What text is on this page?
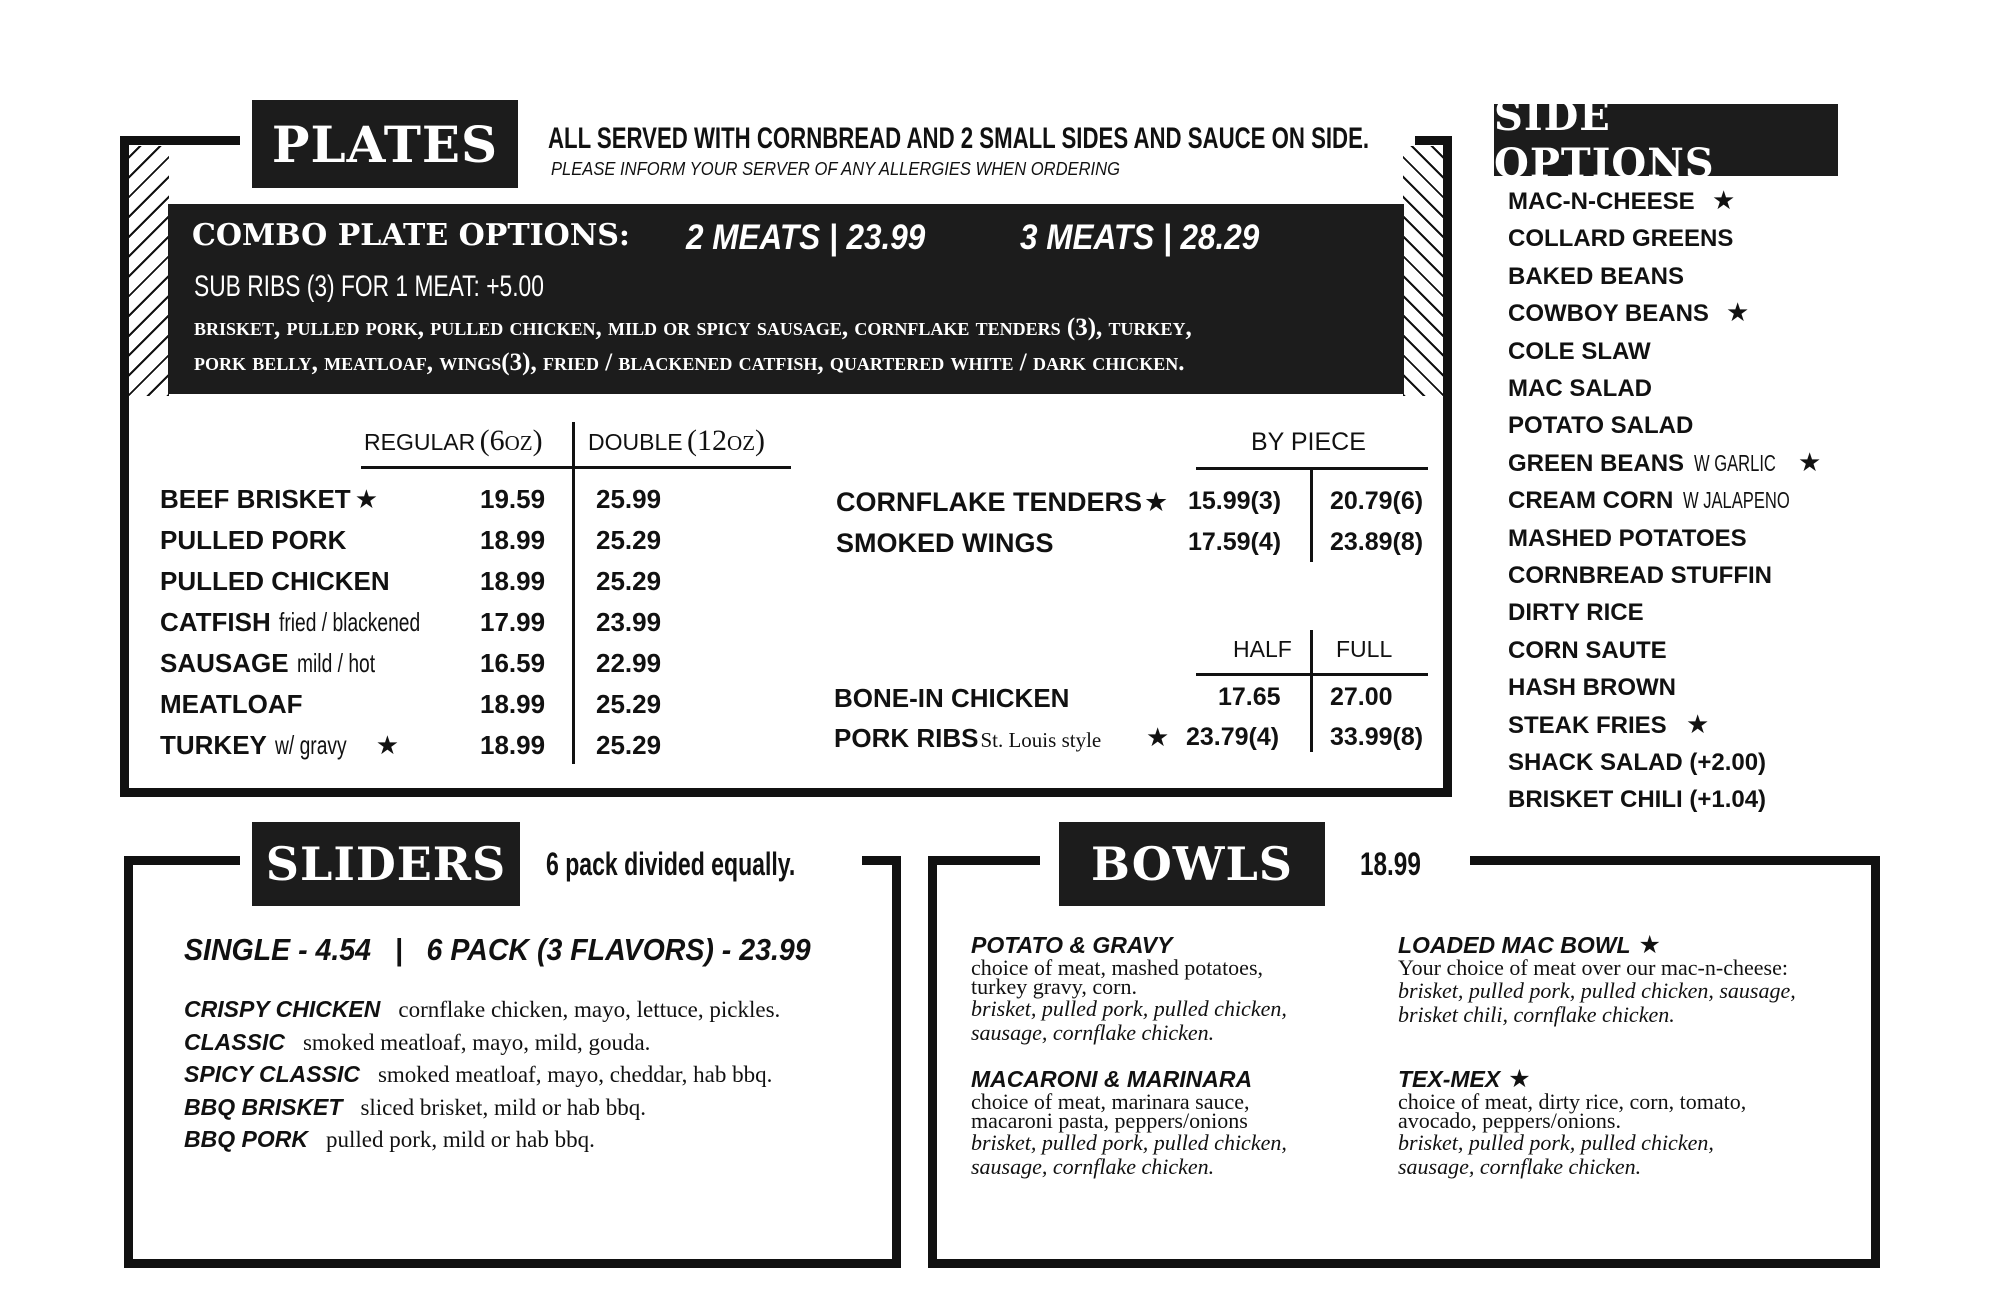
PLATES	ALL SERVED WITH CORNBREAD AND 2 SMALL SIDES AND SAUCE ON SIDE.
PLEASE INFORM YOUR SERVER OF ANY ALLERGIES WHEN ORDERING
COMBO PLATE OPTIONS: 2 MEATS | 23.99	3 MEATS | 28.29
SUB RIBS (3) FOR 1 MEAT: +5.00
brisket, pulled pork, pulled chicken, mild or spicy sausage, cornflake tenders (3), turkey,
pork belly, meatloaf, wings(3), fried / blackened catfish, quartered white / dark chicken.
REGULAR (6oz) DOUBLE (12oz)
BEEF BRISKET ★	19.59 25.99
PULLED PORK	18.99 25.29
PULLED CHICKEN	18.99 25.29
CATFISH fried / blackened	17.99 23.99
SAUSAGE mild / hot	16.59 22.99
MEATLOAF	18.99 25.29
TURKEY w/ gravy ★	18.99 25.29
BY PIECE
CORNFLAKE TENDERS ★ 15.99(3) 20.79(6)
SMOKED WINGS	17.59(4) 23.89(8)
HALF FULL
BONE-IN CHICKEN	17.65 27.00
PORK RIBSSt. Louis style ★ 23.79(4) 33.99(8)
SIDE OPTIONS
MAC-N-CHEESE ★
COLLARD GREENS
BAKED BEANS
COWBOY BEANS ★
COLE SLAW
MAC SALAD
POTATO SALAD
GREEN BEANS W GARLIC ★
CREAM CORN W JALAPENO
MASHED POTATOES
CORNBREAD STUFFIN
DIRTY RICE
CORN SAUTE
HASH BROWN
STEAK FRIES ★
SHACK SALAD (+2.00)
BRISKET CHILI (+1.04)
SLIDERS	6 pack divided equally.
SINGLE - 4.54   |   6 PACK (3 FLAVORS) - 23.99
CRISPY CHICKEN cornflake chicken, mayo, lettuce, pickles.
CLASSIC smoked meatloaf, mayo, mild, gouda.
SPICY CLASSIC smoked meatloaf, mayo, cheddar, hab bbq.
BBQ BRISKET sliced brisket, mild or hab bbq.
BBQ PORK pulled pork, mild or hab bbq.
BOWLS	18.99
POTATO & GRAVY
choice of meat, mashed potatoes,
turkey gravy, corn.
brisket, pulled pork, pulled chicken,
sausage, cornflake chicken.
LOADED MAC BOWL ★
Your choice of meat over our mac-n-cheese:
brisket, pulled pork, pulled chicken, sausage,
brisket chili, cornflake chicken.
MACARONI & MARINARA
choice of meat, marinara sauce,
macaroni pasta, peppers/onions
brisket, pulled pork, pulled chicken,
sausage, cornflake chicken.
TEX-MEX ★
choice of meat, dirty rice, corn, tomato,
avocado, peppers/onions.
brisket, pulled pork, pulled chicken,
sausage, cornflake chicken.
